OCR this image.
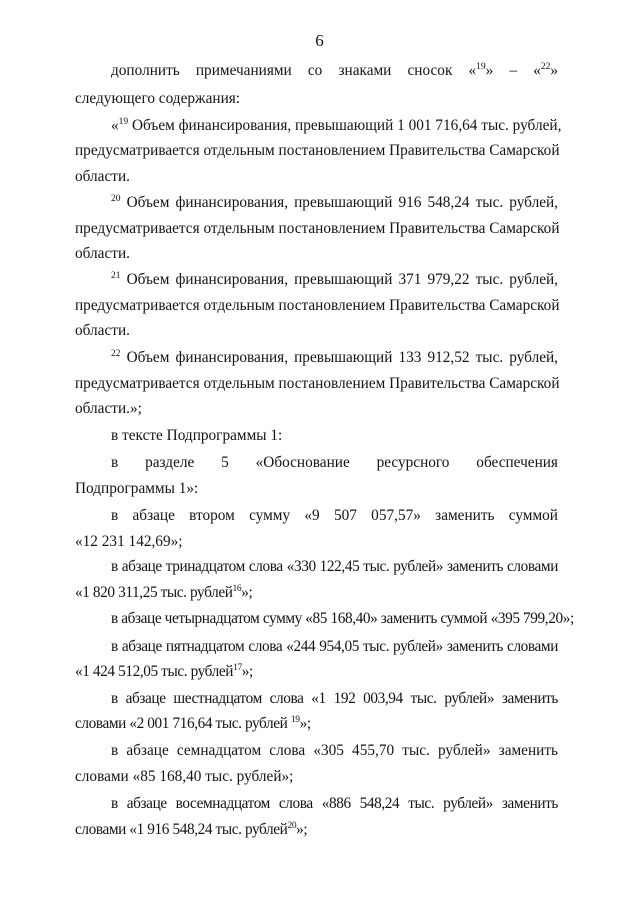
6
дополнить примечаниями со знаками сносок «$^{19}$» – «$^{22}$»
следующего содержания:
«$^{19}$ Объем финансирования, превышающий 1 001 716,64 тыс. рублей,
предусматривается отдельным постановлением Правительства Самарской
области.
$^{20}$ Объем финансирования, превышающий 916 548,24 тыс. рублей,
предусматривается отдельным постановлением Правительства Самарской
области.
$^{21}$ Объем финансирования, превышающий 371 979,22 тыс. рублей,
предусматривается отдельным постановлением Правительства Самарской
области.
$^{22}$ Объем финансирования, превышающий 133 912,52 тыс. рублей,
предусматривается отдельным постановлением Правительства Самарской
области.»;
в тексте Подпрограммы 1:
в разделе 5 «Обоснование ресурсного обеспечения
Подпрограммы 1»:
в абзаце втором сумму «9 507 057,57» заменить суммой
«12 231 142,69»;
в абзаце тринадцатом слова «330 122,45 тыс. рублей» заменить словами
«1 820 311,25 тыс. рублей$^{16}$»;
в абзаце четырнадцатом сумму «85 168,40» заменить суммой «395 799,20»;
в абзаце пятнадцатом слова «244 954,05 тыс. рублей» заменить словами
«1 424 512,05 тыс. рублей$^{17}$»;
в абзаце шестнадцатом слова «1 192 003,94 тыс. рублей» заменить
словами «2 001 716,64 тыс. рублей $^{19}$»;
в абзаце семнадцатом слова «305 455,70 тыс. рублей» заменить
словами «85 168,40 тыс. рублей»;
в абзаце восемнадцатом слова «886 548,24 тыс. рублей» заменить
словами «1 916 548,24 тыс. рублей$^{20}$»;
